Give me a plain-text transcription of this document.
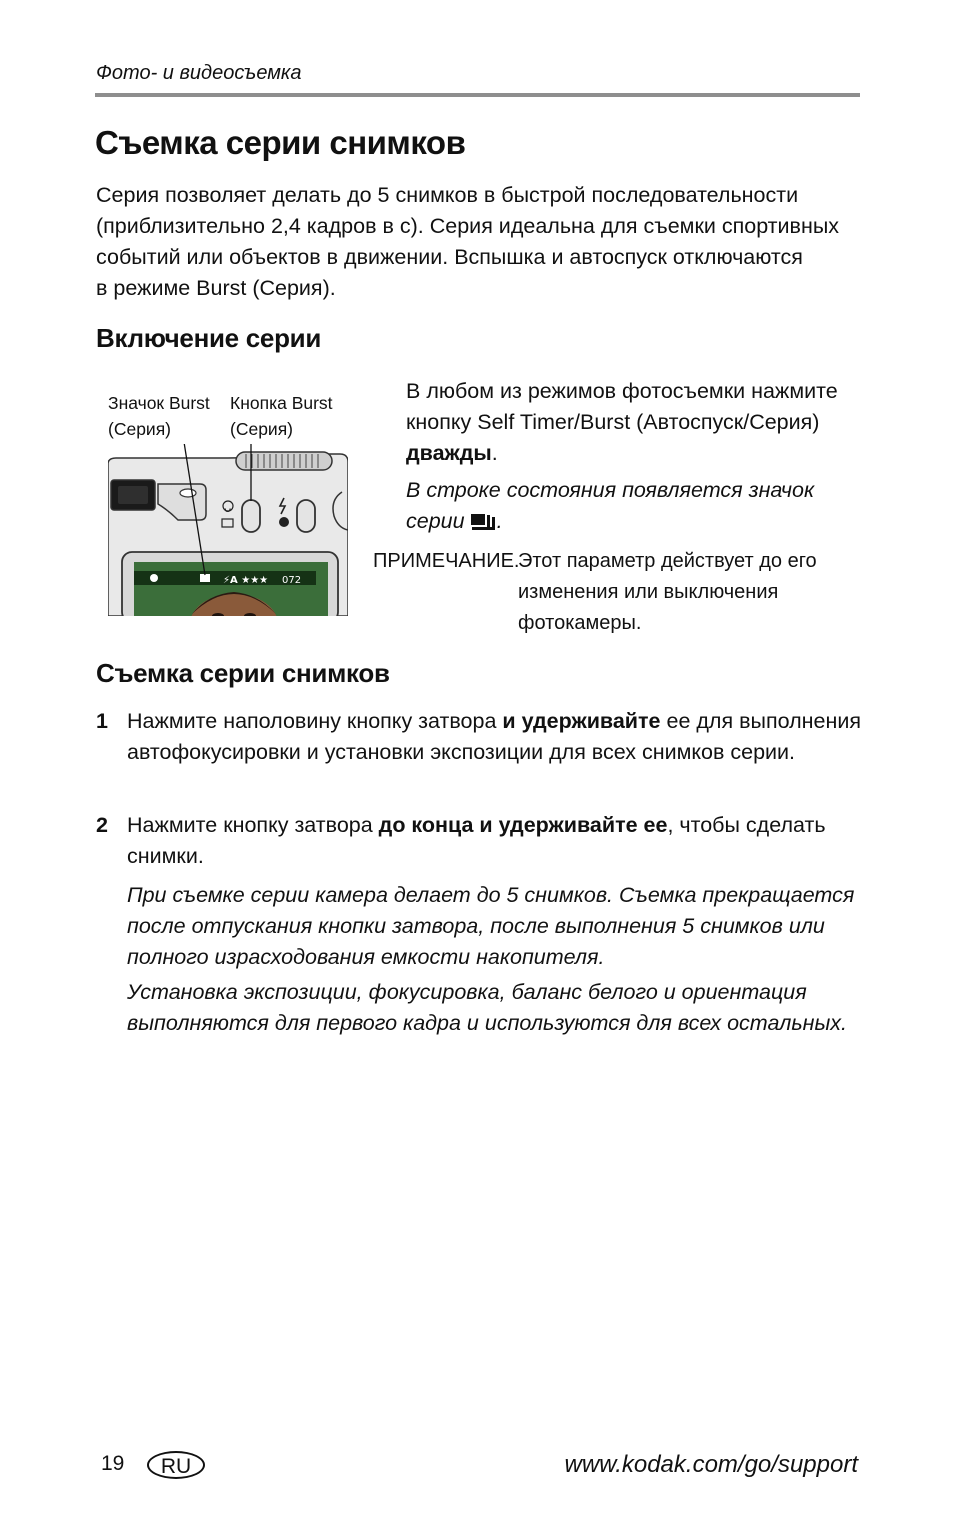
Фото- и видеосъемка
Съемка серии снимков

Серия позволяет делать до 5 снимков в быстрой последовательности

(приблизительно 2,4 кадров в с). Серия идеальна для съемки спортивных

событий или объектов в движении. Вспышка и автоспуск отключаются

в режиме Burst (Серия).

Включение серии
Значок Burst
(Серия)
Кнопка Burst
(Серия)
ᴗ
⚡A ★★★ 072

В любом из режимов фотосъемки нажмите кнопку Self Timer/Burst (Автоспуск/Серия) дважды.

В строке состояния появляется значок серии .

ПРИМЕЧАНИЕ.
Этот параметр действует до его изменения или выключения фотокамеры.
Съемка серии снимков
1 Нажмите наполовину кнопку затвора и удерживайте ее для выполнения автофокусировки и установки экспозиции для всех снимков серии.
2 Нажмите кнопку затвора до конца и удерживайте ее, чтобы сделать снимки.
При съемке серии камера делает до 5 снимков. Съемка прекращается после отпускания кнопки затвора, после выполнения 5 снимков или полного израсходования емкости накопителя.
Установка экспозиции, фокусировка, баланс белого и ориентация выполняются для первого кадра и используются для всех остальных.
19	RU	www.kodak.com/go/support
